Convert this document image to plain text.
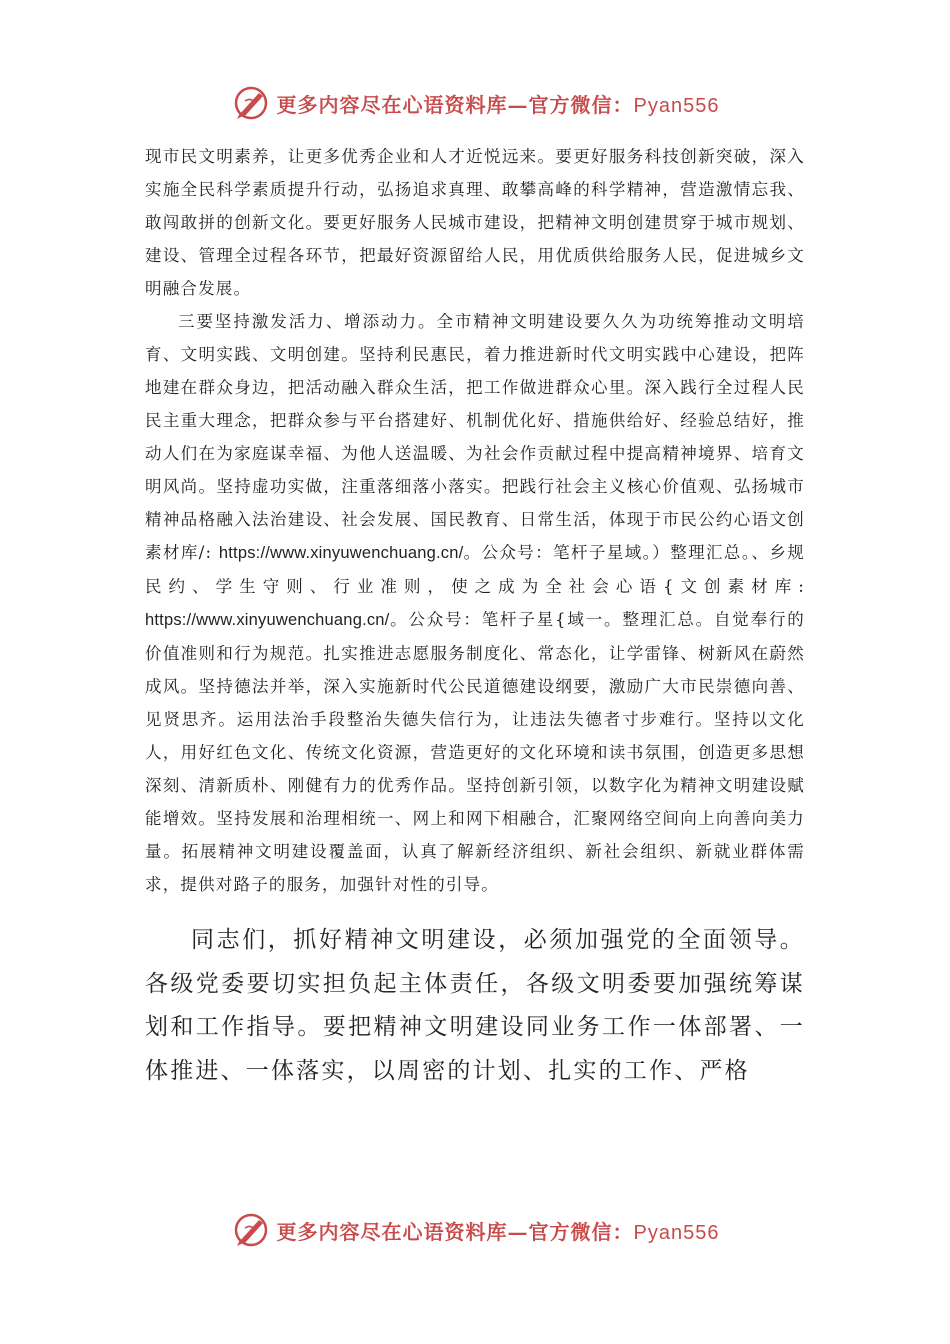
更多内容尽在心语资料库—官方微信：Pyan556

现市民文明素养，让更多优秀企业和人才近悦远来。要更好服务科技创新突破，深入实施全民科学素质提升行动，弘扬追求真理、敢攀高峰的科学精神，营造激情忘我、敢闯敢拼的创新文化。要更好服务人民城市建设，把精神文明创建贯穿于城市规划、建设、管理全过程各环节，把最好资源留给人民，用优质供给服务人民，促进城乡文明融合发展。

三要坚持激发活力、增添动力。全市精神文明建设要久久为功统筹推动文明培育、文明实践、文明创建。坚持利民惠民，着力推进新时代文明实践中心建设，把阵地建在群众身边，把活动融入群众生活，把工作做进群众心里。深入践行全过程人民民主重大理念，把群众参与平台搭建好、机制优化好、措施供给好、经验总结好，推动人们在为家庭谋幸福、为他人送温暖、为社会作贡献过程中提高精神境界、培育文明风尚。坚持虚功实做，注重落细落小落实。把践行社会主义核心价值观、弘扬城市精神品格融入法治建设、社会发展、国民教育、日常生活，体现于市民公约心语文创素材库/: https://www.xinyuwenchuang.cn/。公众号：笔杆子星域。）整理汇总。、乡规民约、学生守则、行业准则，使之成为全社会心语{文创素材库: https://www.xinyuwenchuang.cn/。公众号：笔杆子星{域一。整理汇总。自觉奉行的价值准则和行为规范。扎实推进志愿服务制度化、常态化，让学雷锋、树新风在蔚然成风。坚持德法并举，深入实施新时代公民道德建设纲要，激励广大市民崇德向善、见贤思齐。运用法治手段整治失德失信行为，让违法失德者寸步难行。坚持以文化人，用好红色文化、传统文化资源，营造更好的文化环境和读书氛围，创造更多思想深刻、清新质朴、刚健有力的优秀作品。坚持创新引领，以数字化为精神文明建设赋能增效。坚持发展和治理相统一、网上和网下相融合，汇聚网络空间向上向善向美力量。拓展精神文明建设覆盖面，认真了解新经济组织、新社会组织、新就业群体需求，提供对路子的服务，加强针对性的引导。

同志们，抓好精神文明建设，必须加强党的全面领导。各级党委要切实担负起主体责任，各级文明委要加强统筹谋划和工作指导。要把精神文明建设同业务工作一体部署、一体推进、一体落实，以周密的计划、扎实的工作、严格

更多内容尽在心语资料库—官方微信：Pyan556
